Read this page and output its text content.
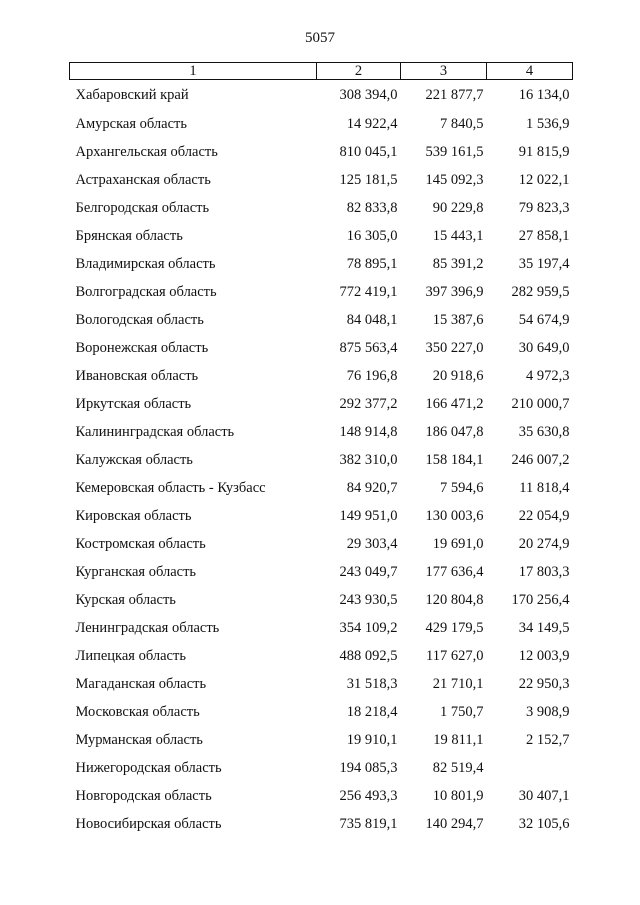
5057
1	2	3	4
Хабаровский край	308 394,0	221 877,7	16 134,0
Амурская область	14 922,4	7 840,5	1 536,9
Архангельская область	810 045,1	539 161,5	91 815,9
Астраханская область	125 181,5	145 092,3	12 022,1
Белгородская область	82 833,8	90 229,8	79 823,3
Брянская область	16 305,0	15 443,1	27 858,1
Владимирская область	78 895,1	85 391,2	35 197,4
Волгоградская область	772 419,1	397 396,9	282 959,5
Вологодская область	84 048,1	15 387,6	54 674,9
Воронежская область	875 563,4	350 227,0	30 649,0
Ивановская область	76 196,8	20 918,6	4 972,3
Иркутская область	292 377,2	166 471,2	210 000,7
Калининградская область	148 914,8	186 047,8	35 630,8
Калужская область	382 310,0	158 184,1	246 007,2
Кемеровская область - Кузбасс	84 920,7	7 594,6	11 818,4
Кировская область	149 951,0	130 003,6	22 054,9
Костромская область	29 303,4	19 691,0	20 274,9
Курганская область	243 049,7	177 636,4	17 803,3
Курская область	243 930,5	120 804,8	170 256,4
Ленинградская область	354 109,2	429 179,5	34 149,5
Липецкая область	488 092,5	117 627,0	12 003,9
Магаданская область	31 518,3	21 710,1	22 950,3
Московская область	18 218,4	1 750,7	3 908,9
Мурманская область	19 910,1	19 811,1	2 152,7
Нижегородская область	194 085,3	82 519,4	
Новгородская область	256 493,3	10 801,9	30 407,1
Новосибирская область	735 819,1	140 294,7	32 105,6
